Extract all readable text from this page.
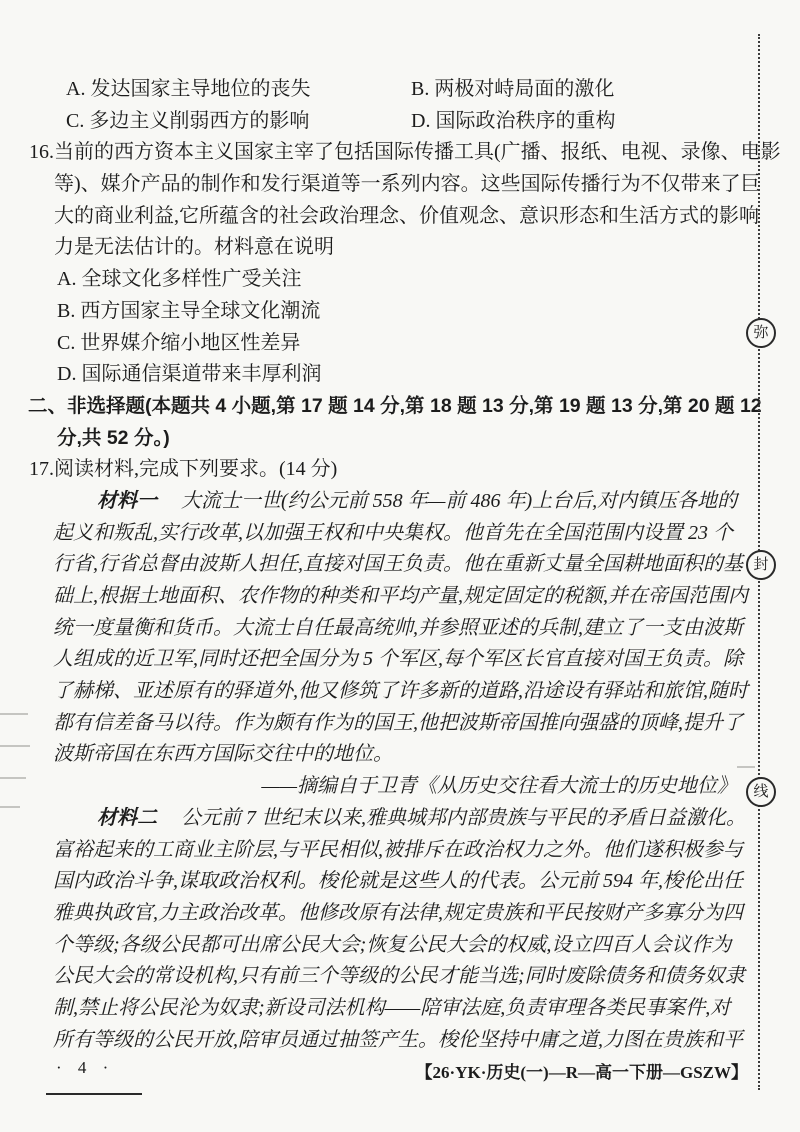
A. 发达国家主导地位的丧失	B. 两极对峙局面的激化
C. 多边主义削弱西方的影响	D. 国际政治秩序的重构
16.当前的西方资本主义国家主宰了包括国际传播工具(广播、报纸、电视、录像、电影
等)、媒介产品的制作和发行渠道等一系列内容。这些国际传播行为不仅带来了巨
大的商业利益,它所蕴含的社会政治理念、价值观念、意识形态和生活方式的影响
力是无法估计的。材料意在说明
A. 全球文化多样性广受关注
B. 西方国家主导全球文化潮流
C. 世界媒介缩小地区性差异
D. 国际通信渠道带来丰厚利润
二、非选择题(本题共 4 小题,第 17 题 14 分,第 18 题 13 分,第 19 题 13 分,第 20 题 12
分,共 52 分。)
17.阅读材料,完成下列要求。(14 分)
材料一 大流士一世(约公元前 558 年—前 486 年)上台后,对内镇压各地的
起义和叛乱,实行改革,以加强王权和中央集权。他首先在全国范围内设置 23 个
行省,行省总督由波斯人担任,直接对国王负责。他在重新丈量全国耕地面积的基
础上,根据土地面积、农作物的种类和平均产量,规定固定的税额,并在帝国范围内
统一度量衡和货币。大流士自任最高统帅,并参照亚述的兵制,建立了一支由波斯
人组成的近卫军,同时还把全国分为 5 个军区,每个军区长官直接对国王负责。除
了赫梯、亚述原有的驿道外,他又修筑了许多新的道路,沿途设有驿站和旅馆,随时
都有信差备马以待。作为颇有作为的国王,他把波斯帝国推向强盛的顶峰,提升了
波斯帝国在东西方国际交往中的地位。
——摘编自于卫青《从历史交往看大流士的历史地位》
材料二 公元前 7 世纪末以来,雅典城邦内部贵族与平民的矛盾日益激化。
富裕起来的工商业主阶层,与平民相似,被排斥在政治权力之外。他们遂积极参与
国内政治斗争,谋取政治权利。梭伦就是这些人的代表。公元前 594 年,梭伦出任
雅典执政官,力主政治改革。他修改原有法律,规定贵族和平民按财产多寡分为四
个等级;各级公民都可出席公民大会;恢复公民大会的权威,设立四百人会议作为
公民大会的常设机构,只有前三个等级的公民才能当选;同时废除债务和债务奴隶
制,禁止将公民沦为奴隶;新设司法机构——陪审法庭,负责审理各类民事案件,对
所有等级的公民开放,陪审员通过抽签产生。梭伦坚持中庸之道,力图在贵族和平
弥
封
线
· 4 ·	【26·YK·历史(一)—R—高一下册—GSZW】
